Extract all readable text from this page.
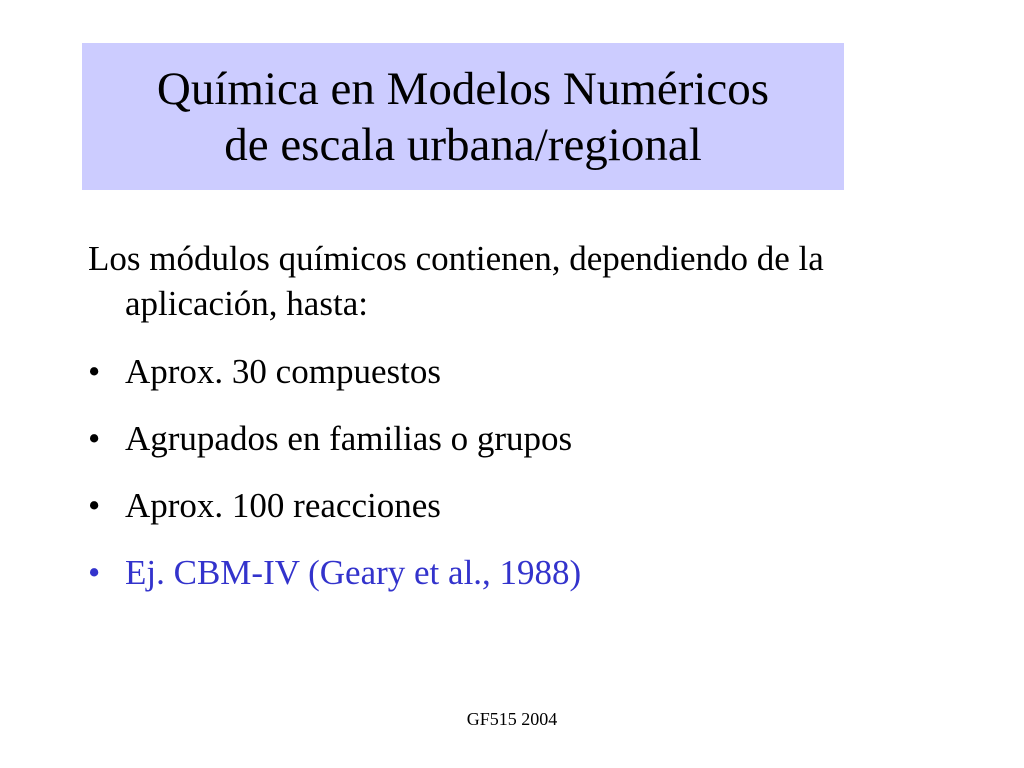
Química en Modelos Numéricos
de escala urbana/regional

Los módulos químicos contienen, dependiendo de la aplicación, hasta:

• Aprox. 30 compuestos
• Agrupados en familias o grupos
• Aprox. 100 reacciones
• Ej. CBM-IV (Geary et al., 1988)
GF515 2004
